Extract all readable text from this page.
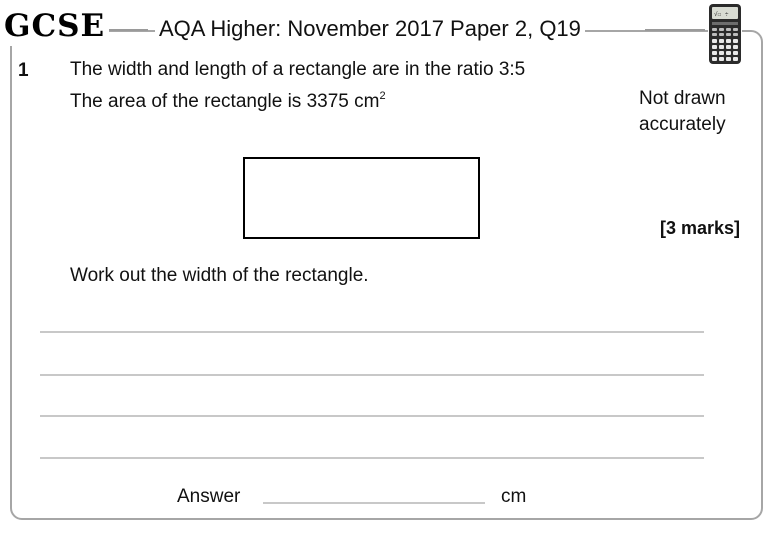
GCSE AQA Higher: November 2017 Paper 2, Q19
√☐ ÷
1 The width and length of a rectangle are in the ratio 3:5
The area of the rectangle is 3375 $cm^2$	Not drawn
accurately
[3 marks]
Work out the width of the rectangle.
Answer	cm
